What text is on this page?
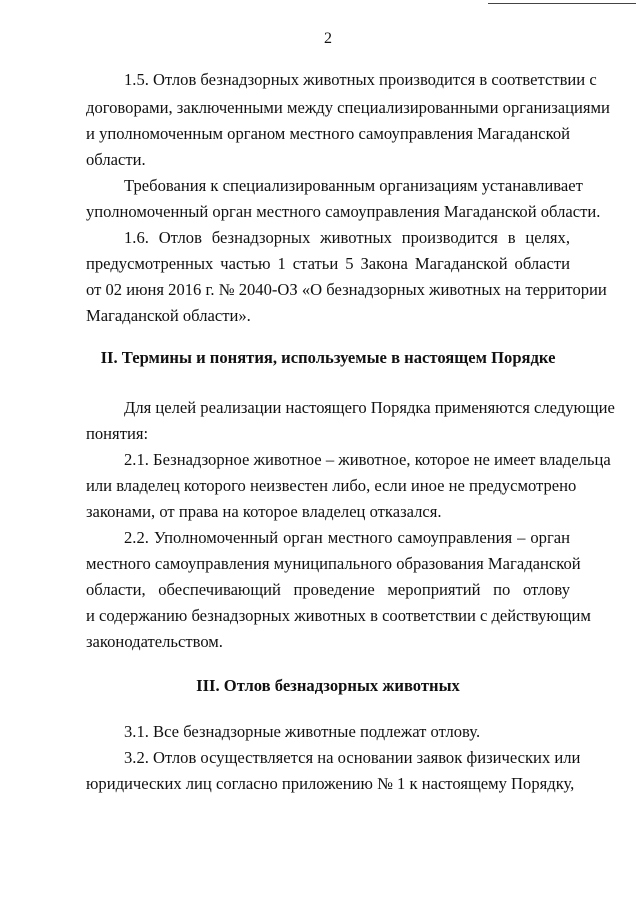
2
1.5. Отлов безнадзорных животных производится в соответствии с
договорами, заключенными между специализированными организациями
и уполномоченным органом местного самоуправления Магаданской
области.
Требования к специализированным организациям устанавливает
уполномоченный орган местного самоуправления Магаданской области.
1.6. Отлов безнадзорных животных производится в целях,
предусмотренных частью 1 статьи 5 Закона Магаданской области
от 02 июня 2016 г. № 2040-ОЗ «О безнадзорных животных на территории
Магаданской области».
II. Термины и понятия, используемые в настоящем Порядке
Для целей реализации настоящего Порядка применяются следующие
понятия:
2.1. Безнадзорное животное – животное, которое не имеет владельца
или владелец которого неизвестен либо, если иное не предусмотрено
законами, от права на которое владелец отказался.
2.2. Уполномоченный орган местного самоуправления – орган
местного самоуправления муниципального образования Магаданской
области, обеспечивающий проведение мероприятий по отлову
и содержанию безнадзорных животных в соответствии с действующим
законодательством.
III. Отлов безнадзорных животных
3.1. Все безнадзорные животные подлежат отлову.
3.2. Отлов осуществляется на основании заявок физических или
юридических лиц согласно приложению № 1 к настоящему Порядку,
